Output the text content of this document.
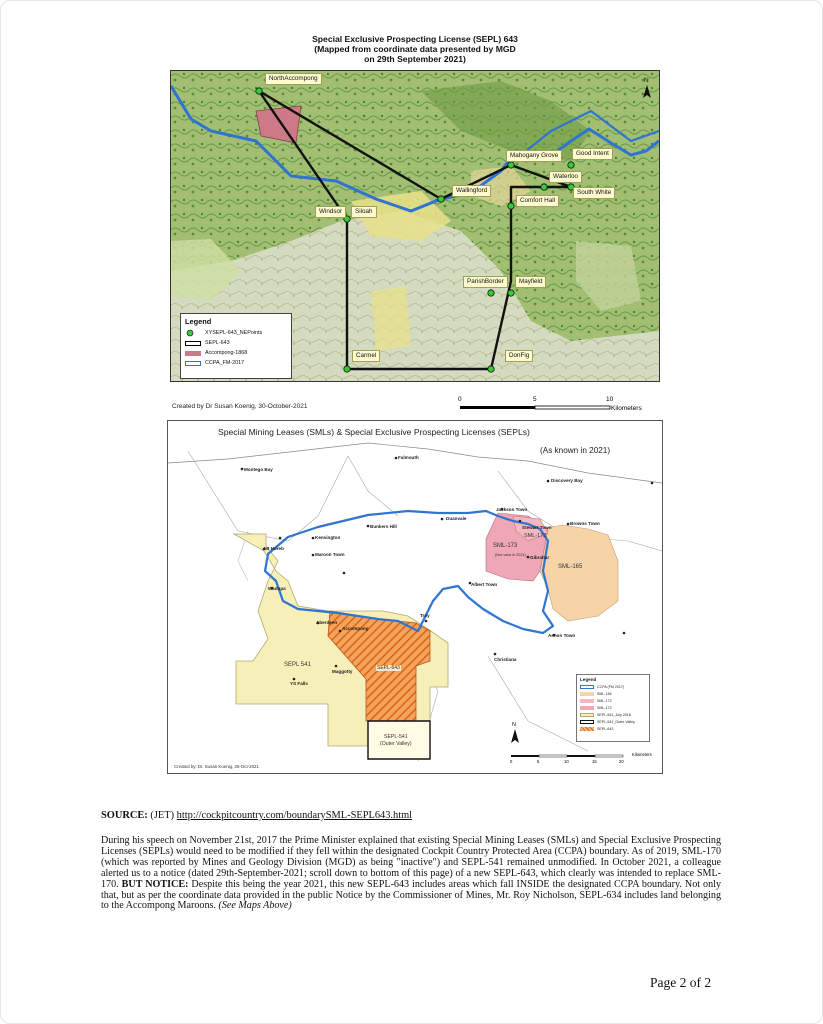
Special Exclusive Prospecting License (SEPL) 643
(Mapped from coordinate data presented by MGD
on 29th September 2021)
N
NorthAccompong
Mahogany Grove	Good Intent
Waterloo
South White
Wallingford
Comfort Hall
Windsor	Siloah
ParishBorder	Mayfield
Carmel	DonFig
Legend
XYSEPL-643_NEPoints
SEPL-643
Accompong-1868
CCPA_FM-2017
Created by Dr Susan Koenig, 30-October-2021
0	5	10
Kilometers
N
Special Mining Leases (SMLs) & Special Exclusive Prospecting Licenses (SEPLs)
(As known in 2021)
Montego Bay
Falmouth
Discovery Bay
Jackson Town
Stewart Town
Browns Town
Kensington
Mt Horeb
Maroon Town
Bunkers Hill
Duanvale
Albert Town
Gibraltar
Wadupa
Aberdeen
Accompong
Troy
Aenon Town
Christiana
Maggotty
YS Falls
SML-173
(Not valid in 2021)
SML-172
SML-165
SEPL 541	SEPL-643
SEPL-541
(Outer Valley)
Legend
CCPA (FM 2017)
SML-165
SML-172
SML-173
SEPL-541_July 2018
SEPL-541_Outer Valley
SEPL-643
Kilometers
0	5	10	15	20
Created by: Dr. Susan Koenig, 26-Oct-2021
SOURCE: (JET) http://cockpitcountry.com/boundarySML-SEPL643.html
During his speech on November 21st, 2017 the Prime Minister explained that existing Special Mining Leases (SMLs) and Special Exclusive Prospecting Licenses (SEPLs) would need to be modified if they fell within the designated Cockpit Country Protected Area (CCPA) boundary. As of 2019, SML-170 (which was reported by Mines and Geology Division (MGD) as being "inactive") and SEPL-541 remained unmodified. In October 2021, a colleague alerted us to a notice (dated 29th-September-2021; scroll down to bottom of this page) of a new SEPL-643, which clearly was intended to replace SML-170. BUT NOTICE: Despite this being the year 2021, this new SEPL-643 includes areas which fall INSIDE the designated CCPA boundary. Not only that, but as per the coordinate data provided in the public Notice by the Commissioner of Mines, Mr. Roy Nicholson, SEPL-634 includes land belonging to the Accompong Maroons. (See Maps Above)
Page 2 of 2
